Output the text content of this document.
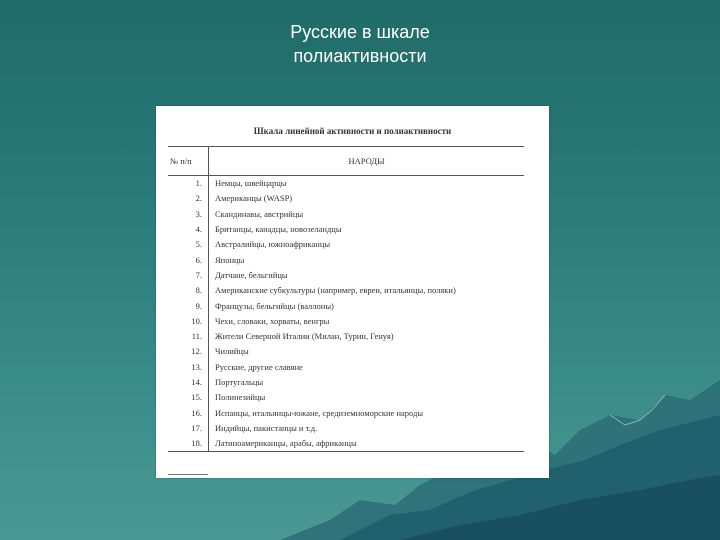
Русские в шкале
полиактивности
Шкала линейной активности и полиактивности
№ п/п	НАРОДЫ
1.	Немцы, швейцарцы
2.	Американцы (WASP)
3.	Скандинавы, австрийцы
4.	Британцы, канадцы, новозеландцы
5.	Австралийцы, южноафриканцы
6.	Японцы
7.	Датчане, бельгийцы
8.	Американские субкультуры (например, евреи, итальянцы, поляки)
9.	Французы, бельгийцы (валлоны)
10.	Чехи, словаки, хорваты, венгры
11.	Жители Северной Италии (Милан, Турин, Генуя)
12.	Чилийцы
13.	Русские, другие славяне
14.	Португальцы
15.	Полинезийцы
16.	Испанцы, итальянцы-южане, средиземноморские народы
17.	Индийцы, пакистанцы и т.д.
18.	Латиноамериканцы, арабы, африканцы
